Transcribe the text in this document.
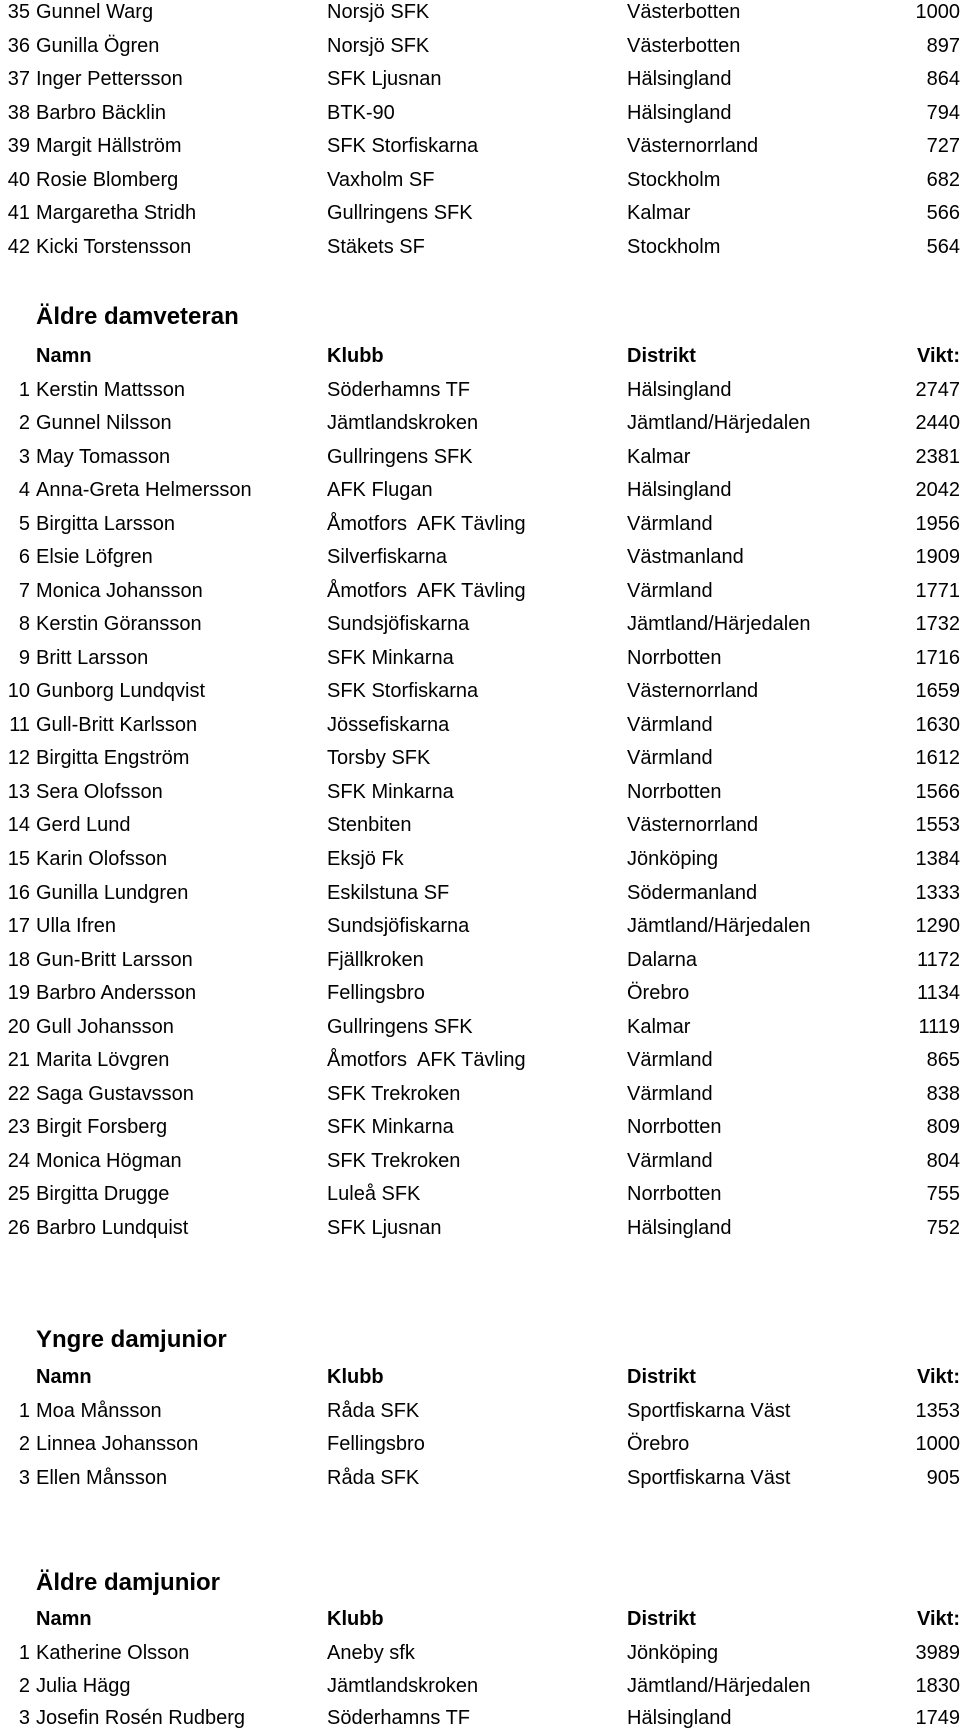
35 Gunnel Warg	Norsjö SFK	Västerbotten	1000
36 Gunilla Ögren	Norsjö SFK	Västerbotten	897
37 Inger Pettersson	SFK Ljusnan	Hälsingland	864
38 Barbro Bäcklin	BTK-90	Hälsingland	794
39 Margit Hällström	SFK Storfiskarna	Västernorrland	727
40 Rosie Blomberg	Vaxholm SF	Stockholm	682
41 Margaretha Stridh	Gullringens SFK	Kalmar	566
42 Kicki Torstensson	Stäkets SF	Stockholm	564
Äldre damveteran
Namn	Klubb	Distrikt	Vikt:
1 Kerstin Mattsson	Söderhamns TF	Hälsingland	2747
2 Gunnel Nilsson	Jämtlandskroken	Jämtland/Härjedalen	2440
3 May Tomasson	Gullringens SFK	Kalmar	2381
4 Anna-Greta Helmersson	AFK Flugan	Hälsingland	2042
5 Birgitta Larsson	Åmotfors  AFK Tävling	Värmland	1956
6 Elsie Löfgren	Silverfiskarna	Västmanland	1909
7 Monica Johansson	Åmotfors  AFK Tävling	Värmland	1771
8 Kerstin Göransson	Sundsjöfiskarna	Jämtland/Härjedalen	1732
9 Britt Larsson	SFK Minkarna	Norrbotten	1716
10 Gunborg Lundqvist	SFK Storfiskarna	Västernorrland	1659
11 Gull-Britt Karlsson	Jössefiskarna	Värmland	1630
12 Birgitta Engström	Torsby SFK	Värmland	1612
13 Sera Olofsson	SFK Minkarna	Norrbotten	1566
14 Gerd Lund	Stenbiten	Västernorrland	1553
15 Karin Olofsson	Eksjö Fk	Jönköping	1384
16 Gunilla Lundgren	Eskilstuna SF	Södermanland	1333
17 Ulla Ifren	Sundsjöfiskarna	Jämtland/Härjedalen	1290
18 Gun-Britt Larsson	Fjällkroken	Dalarna	1172
19 Barbro Andersson	Fellingsbro	Örebro	1134
20 Gull Johansson	Gullringens SFK	Kalmar	1119
21 Marita Lövgren	Åmotfors  AFK Tävling	Värmland	865
22 Saga Gustavsson	SFK Trekroken	Värmland	838
23 Birgit Forsberg	SFK Minkarna	Norrbotten	809
24 Monica Högman	SFK Trekroken	Värmland	804
25 Birgitta Drugge	Luleå SFK	Norrbotten	755
26 Barbro Lundquist	SFK Ljusnan	Hälsingland	752
Yngre damjunior
Namn	Klubb	Distrikt	Vikt:
1 Moa Månsson	Råda SFK	Sportfiskarna Väst	1353
2 Linnea Johansson	Fellingsbro	Örebro	1000
3 Ellen Månsson	Råda SFK	Sportfiskarna Väst	905
Äldre damjunior
Namn	Klubb	Distrikt	Vikt:
1 Katherine Olsson	Aneby sfk	Jönköping	3989
2 Julia Hägg	Jämtlandskroken	Jämtland/Härjedalen	1830
3 Josefin Rosén Rudberg	Söderhamns TF	Hälsingland	1749
